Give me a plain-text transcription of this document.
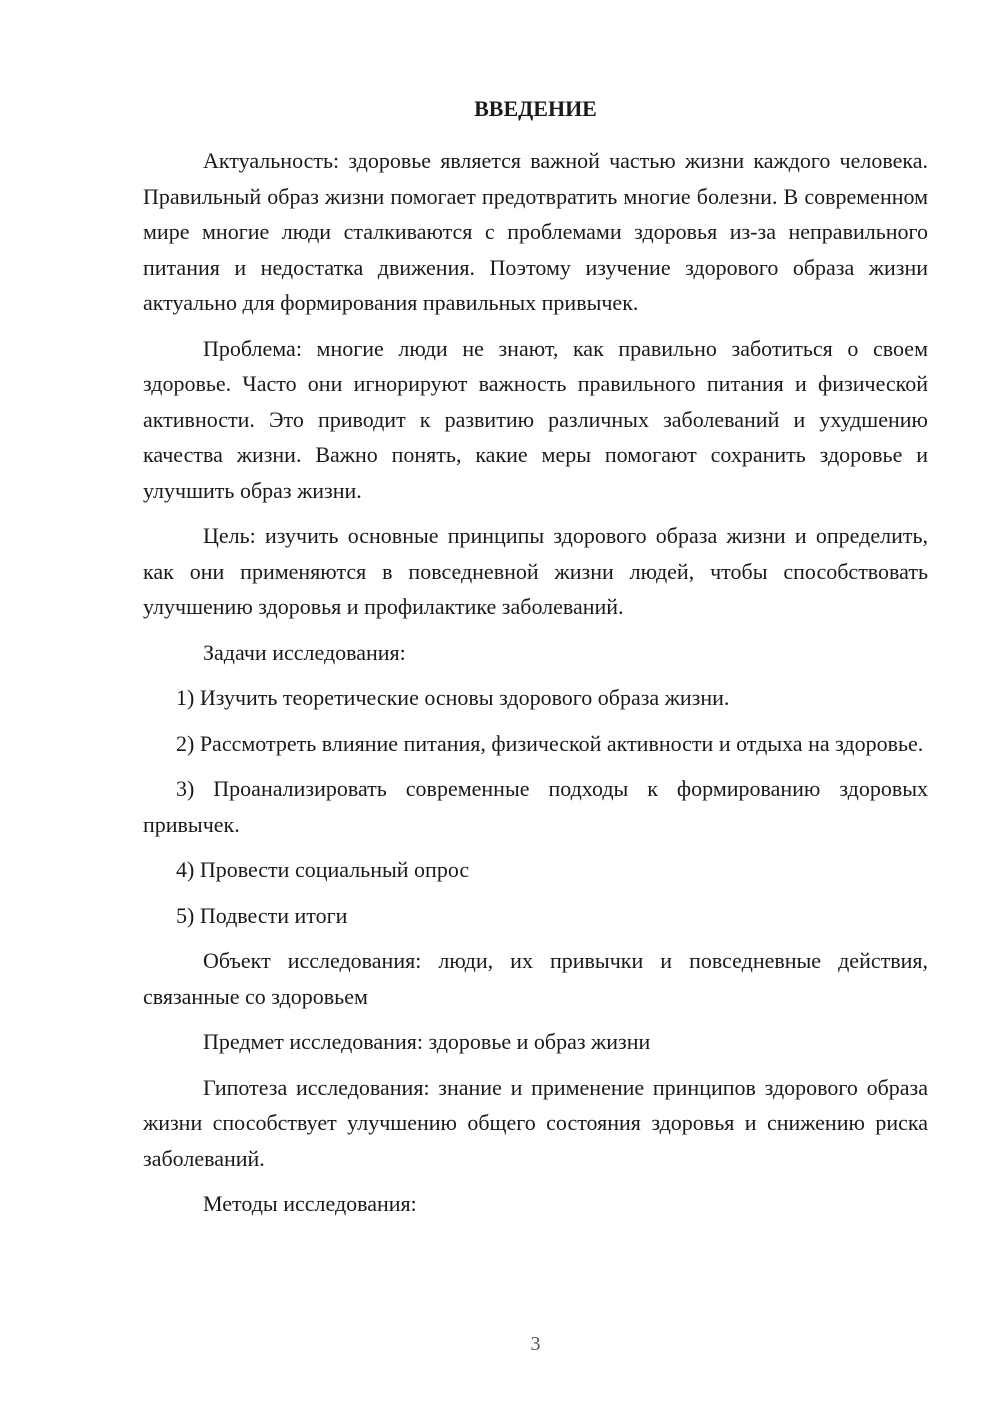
ВВЕДЕНИЕ

Актуальность: здоровье является важной частью жизни каждого человека. Правильный образ жизни помогает предотвратить многие болезни. В современном мире многие люди сталкиваются с проблемами здоровья из-за неправильного питания и недостатка движения. Поэтому изучение здорового образа жизни актуально для формирования правильных привычек.

Проблема: многие люди не знают, как правильно заботиться о своем здоровье. Часто они игнорируют важность правильного питания и физической активности. Это приводит к развитию различных заболеваний и ухудшению качества жизни. Важно понять, какие меры помогают сохранить здоровье и улучшить образ жизни.

Цель: изучить основные принципы здорового образа жизни и определить, как они применяются в повседневной жизни людей, чтобы способствовать улучшению здоровья и профилактике заболеваний.

Задачи исследования:

1) Изучить теоретические основы здорового образа жизни.

2) Рассмотреть влияние питания, физической активности и отдыха на здоровье.

3) Проанализировать современные подходы к формированию здоровых привычек.

4) Провести социальный опрос

5) Подвести итоги

Объект исследования: люди, их привычки и повседневные действия, связанные со здоровьем

Предмет исследования: здоровье и образ жизни

Гипотеза исследования: знание и применение принципов здорового образа жизни способствует улучшению общего состояния здоровья и снижению риска заболеваний.

Методы исследования:

3
